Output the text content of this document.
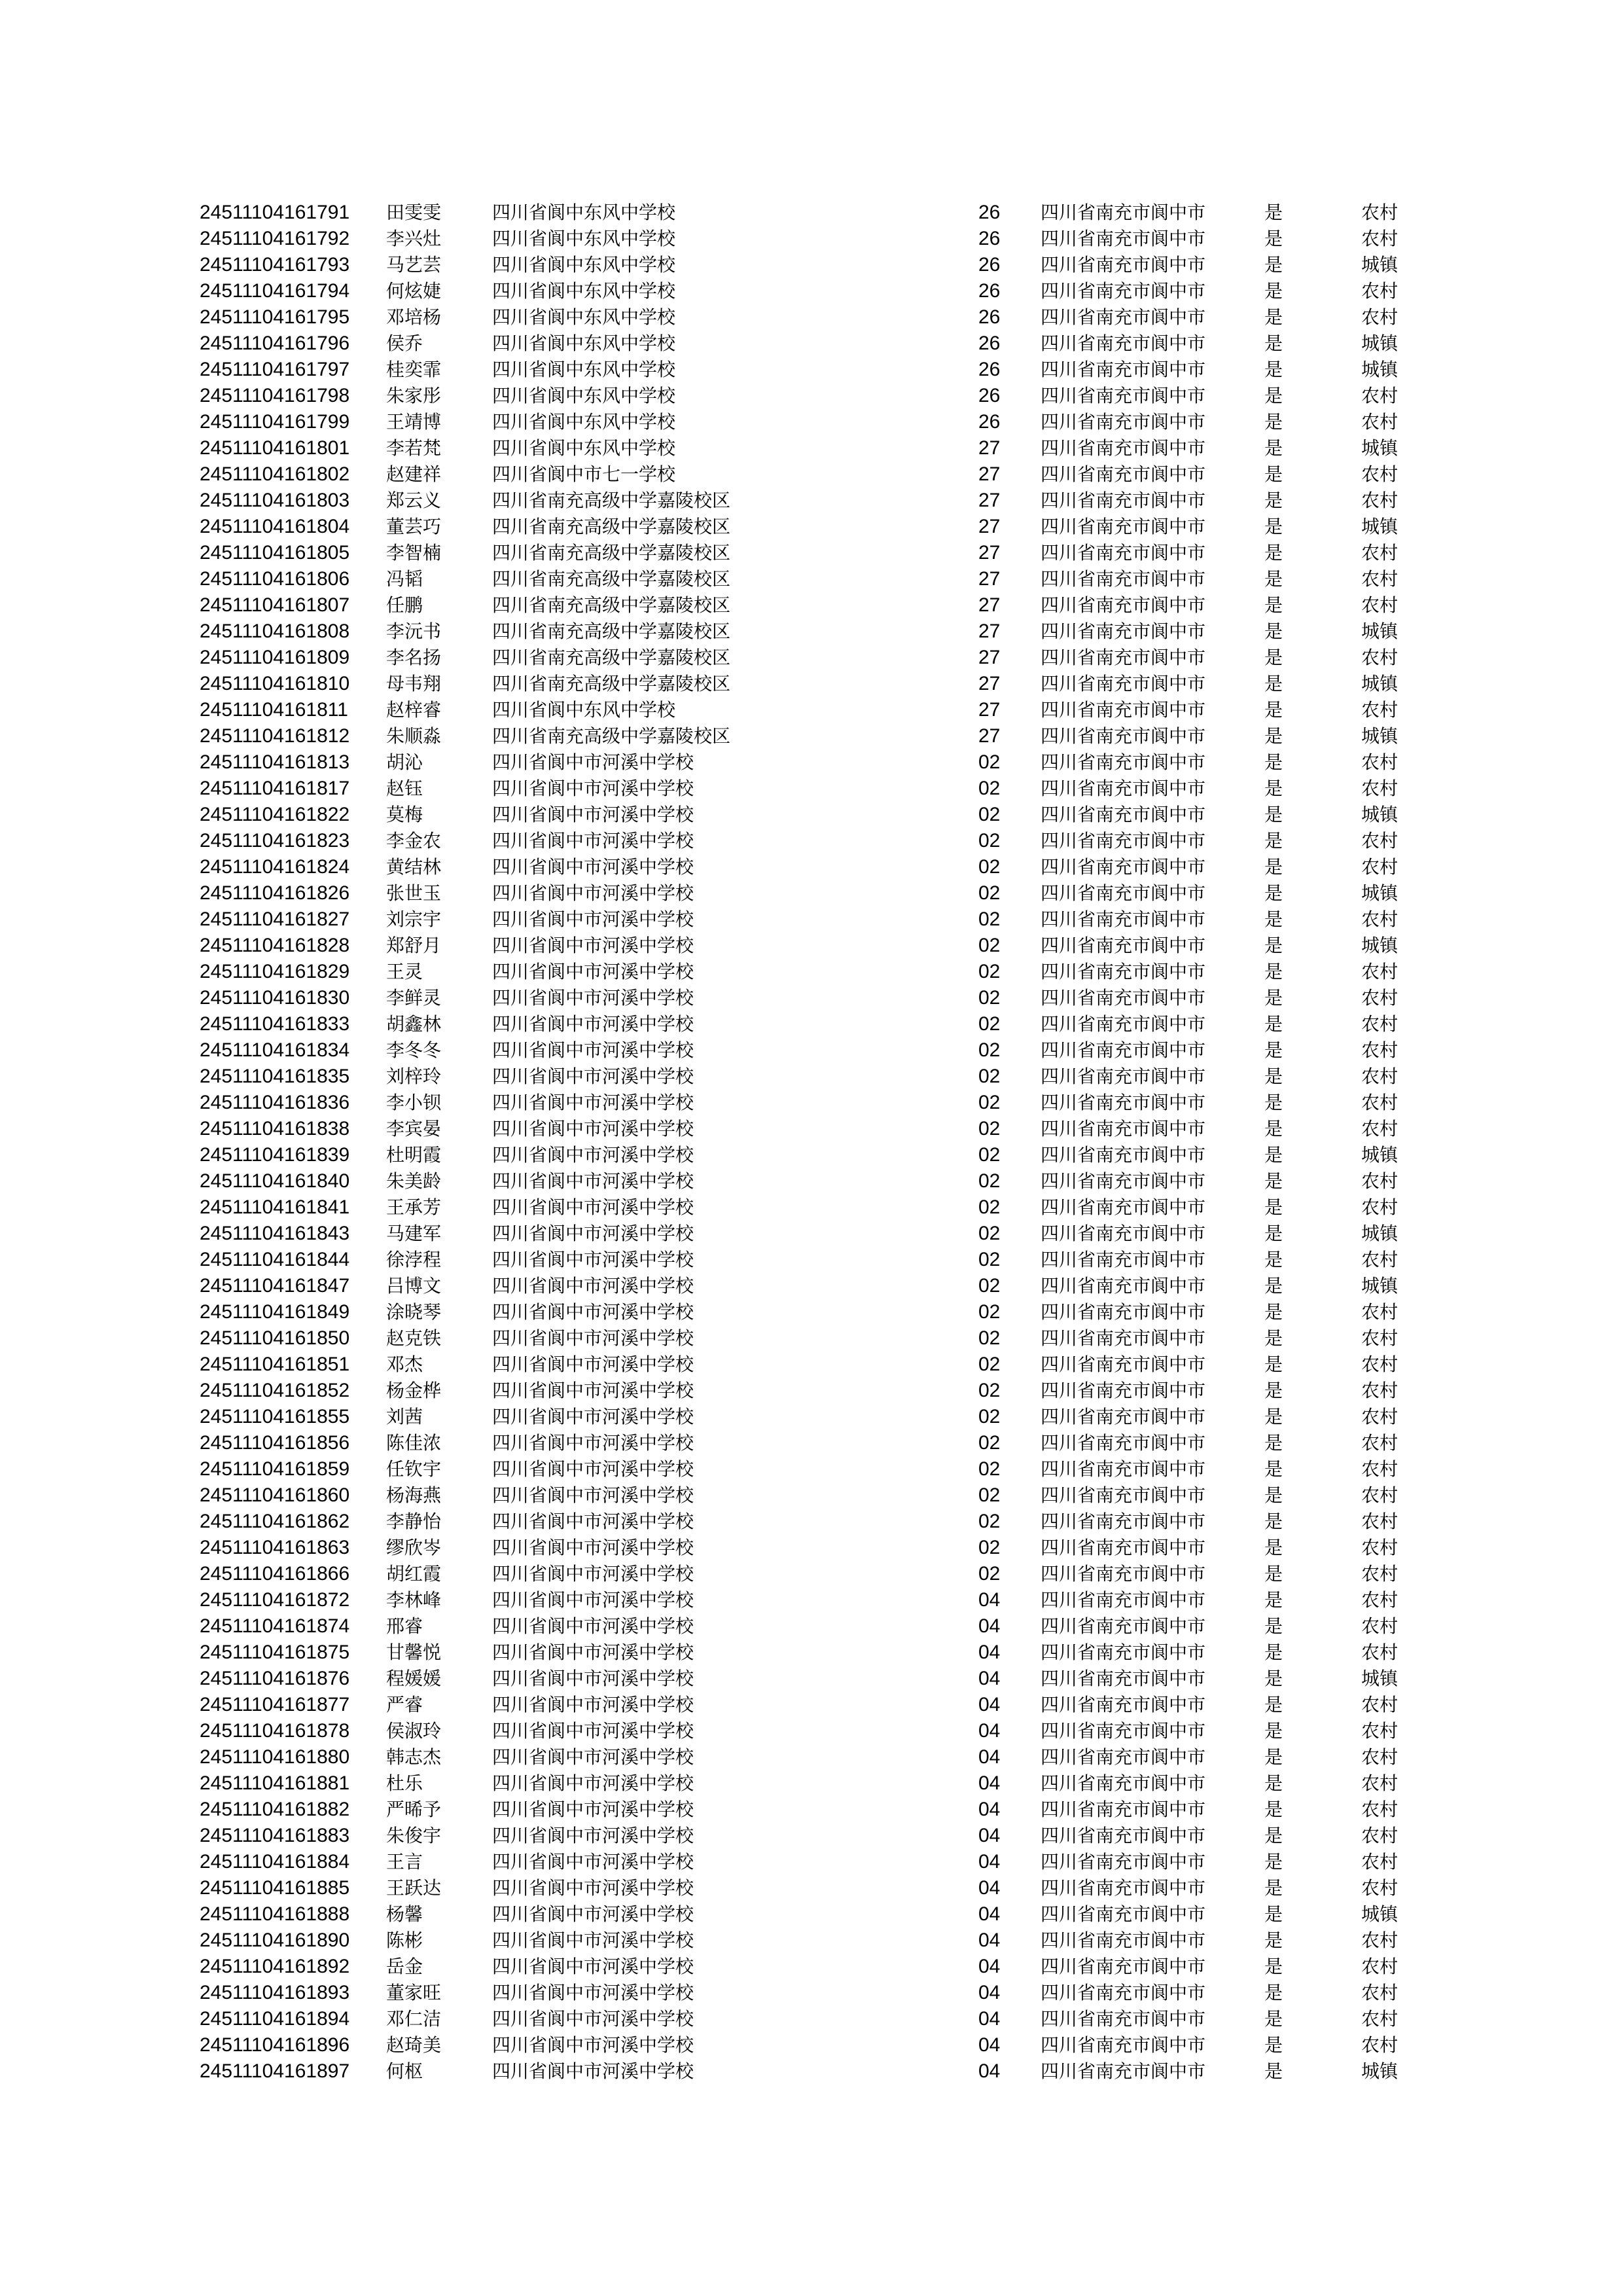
24511104161791 田雯雯	四川省阆中东风中学校	26 四川省南充市阆中市	是	农村
24511104161792 李兴灶	四川省阆中东风中学校	26 四川省南充市阆中市	是	农村
24511104161793 马艺芸	四川省阆中东风中学校	26 四川省南充市阆中市	是	城镇
24511104161794 何炫婕	四川省阆中东风中学校	26 四川省南充市阆中市	是	农村
24511104161795 邓培杨	四川省阆中东风中学校	26 四川省南充市阆中市	是	农村
24511104161796 侯乔	四川省阆中东风中学校	26 四川省南充市阆中市	是	城镇
24511104161797 桂奕霏	四川省阆中东风中学校	26 四川省南充市阆中市	是	城镇
24511104161798 朱家彤	四川省阆中东风中学校	26 四川省南充市阆中市	是	农村
24511104161799 王靖博	四川省阆中东风中学校	26 四川省南充市阆中市	是	农村
24511104161801 李若梵	四川省阆中东风中学校	27 四川省南充市阆中市	是	城镇
24511104161802 赵建祥	四川省阆中市七一学校	27 四川省南充市阆中市	是	农村
24511104161803 郑云义	四川省南充高级中学嘉陵校区	27 四川省南充市阆中市	是	农村
24511104161804 董芸巧	四川省南充高级中学嘉陵校区	27 四川省南充市阆中市	是	城镇
24511104161805 李智楠	四川省南充高级中学嘉陵校区	27 四川省南充市阆中市	是	农村
24511104161806 冯韬	四川省南充高级中学嘉陵校区	27 四川省南充市阆中市	是	农村
24511104161807 任鹏	四川省南充高级中学嘉陵校区	27 四川省南充市阆中市	是	农村
24511104161808 李沅书	四川省南充高级中学嘉陵校区	27 四川省南充市阆中市	是	城镇
24511104161809 李名扬	四川省南充高级中学嘉陵校区	27 四川省南充市阆中市	是	农村
24511104161810 母韦翔	四川省南充高级中学嘉陵校区	27 四川省南充市阆中市	是	城镇
24511104161811 赵梓睿	四川省阆中东风中学校	27 四川省南充市阆中市	是	农村
24511104161812 朱顺淼	四川省南充高级中学嘉陵校区	27 四川省南充市阆中市	是	城镇
24511104161813 胡沁	四川省阆中市河溪中学校	02 四川省南充市阆中市	是	农村
24511104161817 赵钰	四川省阆中市河溪中学校	02 四川省南充市阆中市	是	农村
24511104161822 莫梅	四川省阆中市河溪中学校	02 四川省南充市阆中市	是	城镇
24511104161823 李金农	四川省阆中市河溪中学校	02 四川省南充市阆中市	是	农村
24511104161824 黄结林	四川省阆中市河溪中学校	02 四川省南充市阆中市	是	农村
24511104161826 张世玉	四川省阆中市河溪中学校	02 四川省南充市阆中市	是	城镇
24511104161827 刘宗宇	四川省阆中市河溪中学校	02 四川省南充市阆中市	是	农村
24511104161828 郑舒月	四川省阆中市河溪中学校	02 四川省南充市阆中市	是	城镇
24511104161829 王灵	四川省阆中市河溪中学校	02 四川省南充市阆中市	是	农村
24511104161830 李鲜灵	四川省阆中市河溪中学校	02 四川省南充市阆中市	是	农村
24511104161833 胡鑫林	四川省阆中市河溪中学校	02 四川省南充市阆中市	是	农村
24511104161834 李冬冬	四川省阆中市河溪中学校	02 四川省南充市阆中市	是	农村
24511104161835 刘梓玲	四川省阆中市河溪中学校	02 四川省南充市阆中市	是	农村
24511104161836 李小钡	四川省阆中市河溪中学校	02 四川省南充市阆中市	是	农村
24511104161838 李宾晏	四川省阆中市河溪中学校	02 四川省南充市阆中市	是	农村
24511104161839 杜明霞	四川省阆中市河溪中学校	02 四川省南充市阆中市	是	城镇
24511104161840 朱美龄	四川省阆中市河溪中学校	02 四川省南充市阆中市	是	农村
24511104161841 王承芳	四川省阆中市河溪中学校	02 四川省南充市阆中市	是	农村
24511104161843 马建军	四川省阆中市河溪中学校	02 四川省南充市阆中市	是	城镇
24511104161844 徐浡程	四川省阆中市河溪中学校	02 四川省南充市阆中市	是	农村
24511104161847 吕博文	四川省阆中市河溪中学校	02 四川省南充市阆中市	是	城镇
24511104161849 涂晓琴	四川省阆中市河溪中学校	02 四川省南充市阆中市	是	农村
24511104161850 赵克铁	四川省阆中市河溪中学校	02 四川省南充市阆中市	是	农村
24511104161851 邓杰	四川省阆中市河溪中学校	02 四川省南充市阆中市	是	农村
24511104161852 杨金桦	四川省阆中市河溪中学校	02 四川省南充市阆中市	是	农村
24511104161855 刘茜	四川省阆中市河溪中学校	02 四川省南充市阆中市	是	农村
24511104161856 陈佳浓	四川省阆中市河溪中学校	02 四川省南充市阆中市	是	农村
24511104161859 任钦宇	四川省阆中市河溪中学校	02 四川省南充市阆中市	是	农村
24511104161860 杨海燕	四川省阆中市河溪中学校	02 四川省南充市阆中市	是	农村
24511104161862 李静怡	四川省阆中市河溪中学校	02 四川省南充市阆中市	是	农村
24511104161863 缪欣岑	四川省阆中市河溪中学校	02 四川省南充市阆中市	是	农村
24511104161866 胡红霞	四川省阆中市河溪中学校	02 四川省南充市阆中市	是	农村
24511104161872 李林峰	四川省阆中市河溪中学校	04 四川省南充市阆中市	是	农村
24511104161874 邢睿	四川省阆中市河溪中学校	04 四川省南充市阆中市	是	农村
24511104161875 甘馨悦	四川省阆中市河溪中学校	04 四川省南充市阆中市	是	农村
24511104161876 程媛媛	四川省阆中市河溪中学校	04 四川省南充市阆中市	是	城镇
24511104161877 严睿	四川省阆中市河溪中学校	04 四川省南充市阆中市	是	农村
24511104161878 侯淑玲	四川省阆中市河溪中学校	04 四川省南充市阆中市	是	农村
24511104161880 韩志杰	四川省阆中市河溪中学校	04 四川省南充市阆中市	是	农村
24511104161881 杜乐	四川省阆中市河溪中学校	04 四川省南充市阆中市	是	农村
24511104161882 严晞予	四川省阆中市河溪中学校	04 四川省南充市阆中市	是	农村
24511104161883 朱俊宇	四川省阆中市河溪中学校	04 四川省南充市阆中市	是	农村
24511104161884 王言	四川省阆中市河溪中学校	04 四川省南充市阆中市	是	农村
24511104161885 王跃达	四川省阆中市河溪中学校	04 四川省南充市阆中市	是	农村
24511104161888 杨馨	四川省阆中市河溪中学校	04 四川省南充市阆中市	是	城镇
24511104161890 陈彬	四川省阆中市河溪中学校	04 四川省南充市阆中市	是	农村
24511104161892 岳金	四川省阆中市河溪中学校	04 四川省南充市阆中市	是	农村
24511104161893 董家旺	四川省阆中市河溪中学校	04 四川省南充市阆中市	是	农村
24511104161894 邓仁洁	四川省阆中市河溪中学校	04 四川省南充市阆中市	是	农村
24511104161896 赵琦美	四川省阆中市河溪中学校	04 四川省南充市阆中市	是	农村
24511104161897 何枢	四川省阆中市河溪中学校	04 四川省南充市阆中市	是	城镇
